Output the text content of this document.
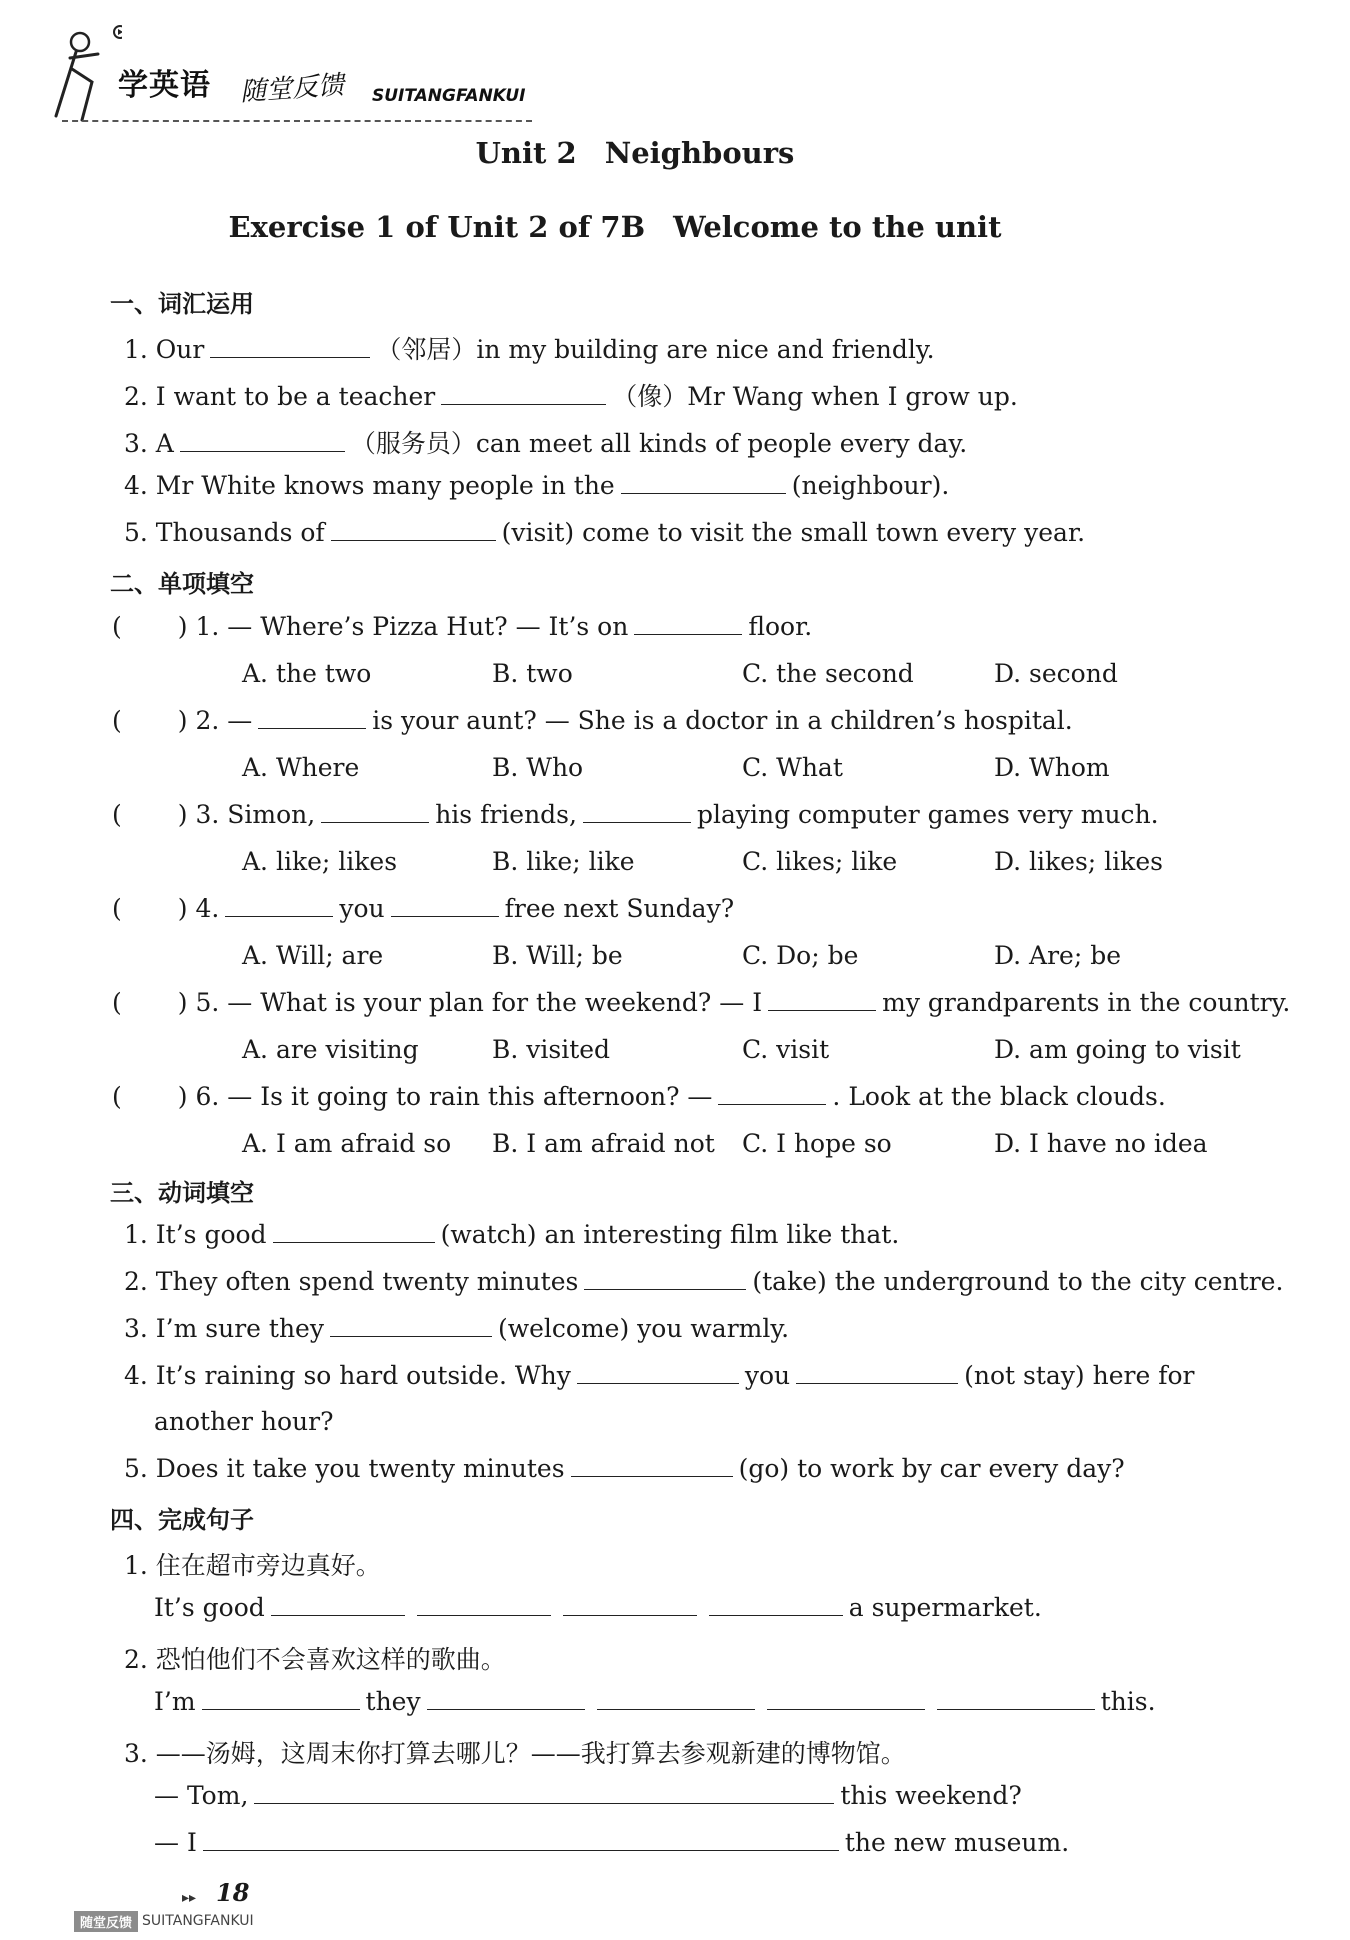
学英语 随堂反馈 SUITANGFANKUI
Unit 2 Neighbours
Exercise 1 of Unit 2 of 7B Welcome to the unit
一、词汇运用
1. Our	（邻居）in my building are nice and friendly.
2. I want to be a teacher	（像）Mr Wang when I grow up.
3. A	（服务员）can meet all kinds of people every day.
4. Mr White knows many people in the	(neighbour).
5. Thousands of	(visit) come to visit the small town every year.
二、单项填空
( ) 1. — Where’s Pizza Hut? — It’s on	floor.
A. the two	B. two	C. the second	D. second
( ) 2. —	is your aunt? — She is a doctor in a children’s hospital.
A. Where	B. Who	C. What	D. Whom
( ) 3. Simon,	his friends,	playing computer games very much.
A. like; likes	B. like; like	C. likes; like	D. likes; likes
( ) 4.	you	free next Sunday?
A. Will; are	B. Will; be	C. Do; be	D. Are; be
( ) 5. — What is your plan for the weekend? — I	my grandparents in the country.
A. are visiting	B. visited	C. visit	D. am going to visit
( ) 6. — Is it going to rain this afternoon? —	. Look at the black clouds.
A. I am afraid so B. I am afraid not C. I hope so	D. I have no idea
三、动词填空
1. It’s good	(watch) an interesting film like that.
2. They often spend twenty minutes	(take) the underground to the city centre.
3. I’m sure they	(welcome) you warmly.
4. It’s raining so hard outside. Why	you	(not stay) here for
another hour?
5. Does it take you twenty minutes	(go) to work by car every day?
四、完成句子
1. 住在超市旁边真好。
It’s good	a supermarket.
2. 恐怕他们不会喜欢这样的歌曲。
I’m	they	this.
3. ——汤姆，这周末你打算去哪儿？——我打算去参观新建的博物馆。
— Tom,	this weekend?
— I	the new museum.
▸▸ 18
随堂反馈 SUITANGFANKUI
